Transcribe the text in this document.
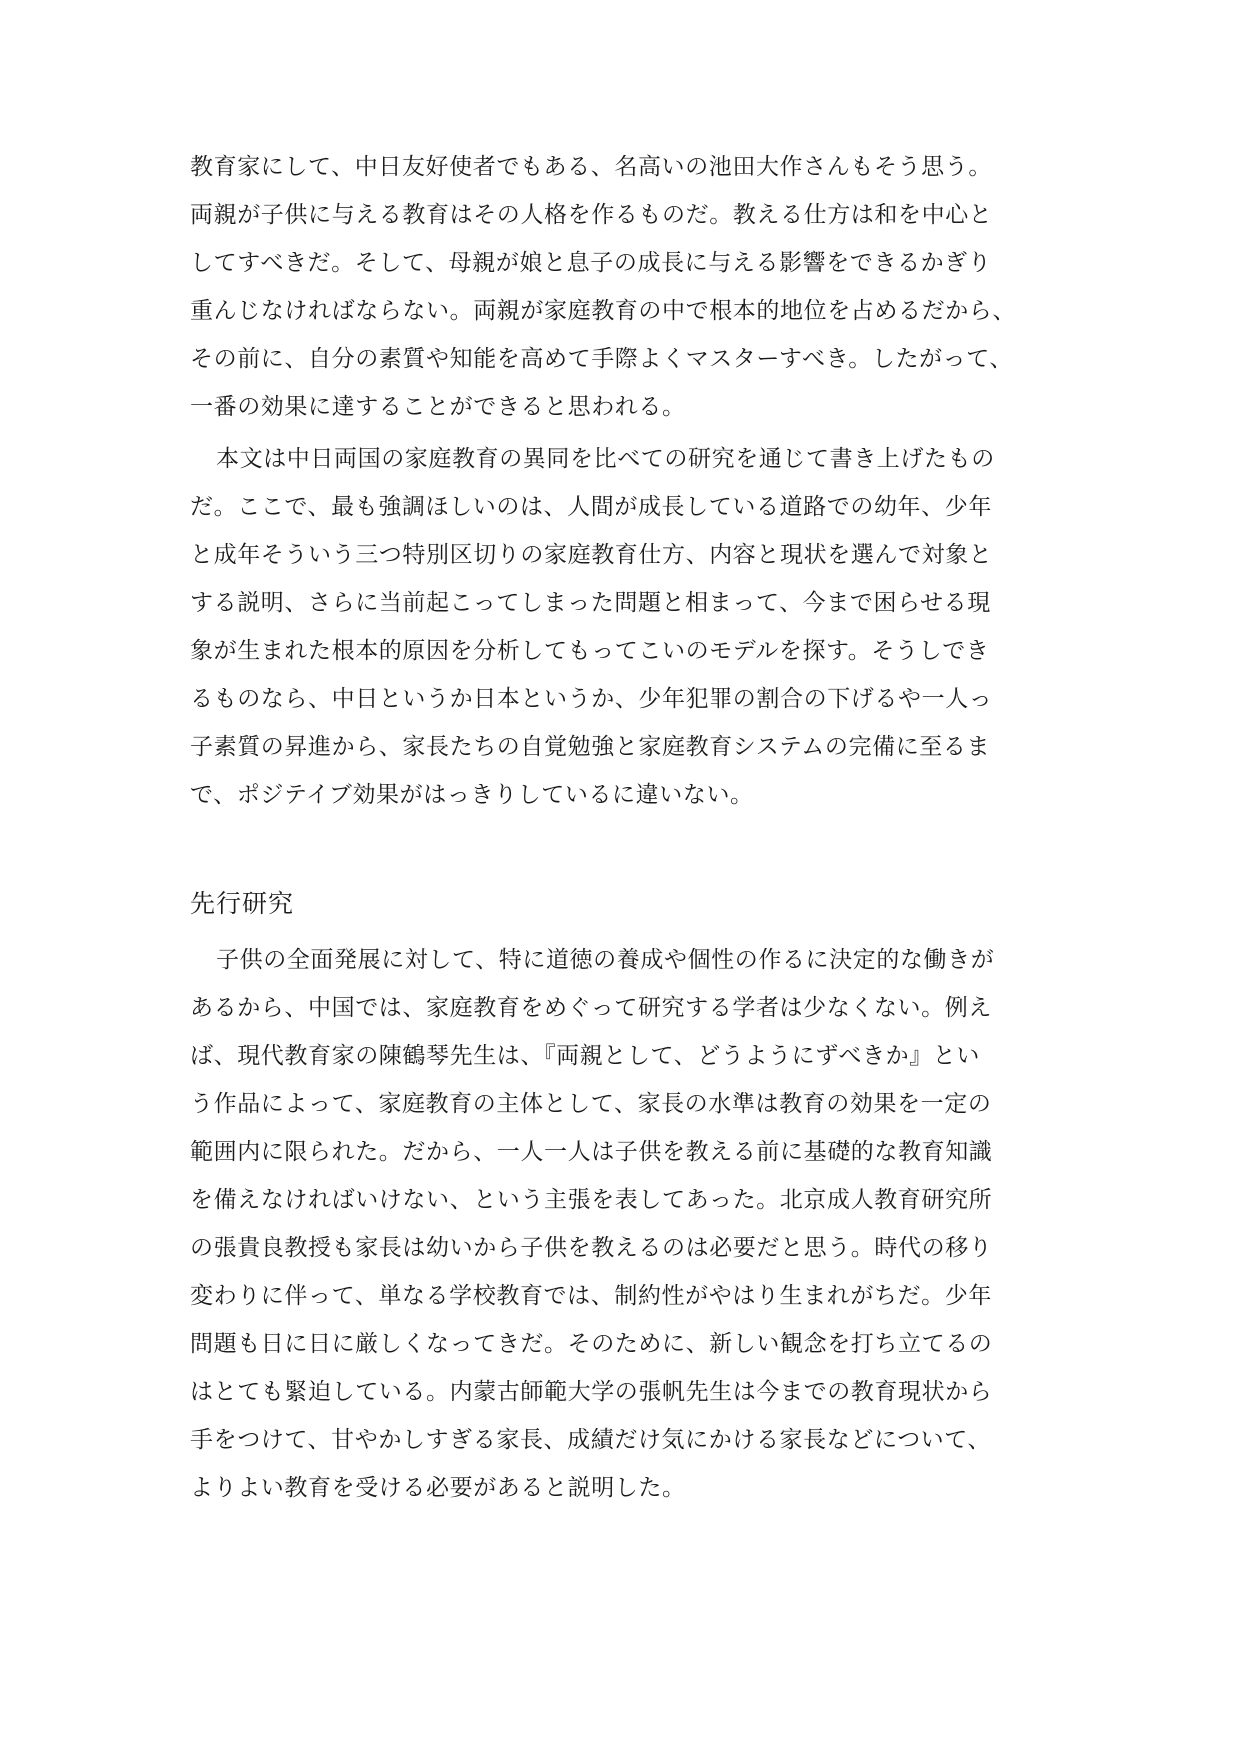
教育家にして、中日友好使者でもある、名高いの池田大作さんもそう思う。
両親が子供に与える教育はその人格を作るものだ。教える仕方は和を中心と
してすべきだ。そして、母親が娘と息子の成長に与える影響をできるかぎり
重んじなければならない。両親が家庭教育の中で根本的地位を占めるだから、
その前に、自分の素質や知能を高めて手際よくマスターすべき。したがって、
一番の効果に達することができると思われる。
本文は中日両国の家庭教育の異同を比べての研究を通じて書き上げたもの
だ。ここで、最も強調ほしいのは、人間が成長している道路での幼年、少年
と成年そういう三つ特別区切りの家庭教育仕方、内容と現状を選んで対象と
する説明、さらに当前起こってしまった問題と相まって、今まで困らせる現
象が生まれた根本的原因を分析してもってこいのモデルを探す。そうしでき
るものなら、中日というか日本というか、少年犯罪の割合の下げるや一人っ
子素質の昇進から、家長たちの自覚勉強と家庭教育システムの完備に至るま
で、ポジテイブ効果がはっきりしているに違いない。
先行研究
子供の全面発展に対して、特に道徳の養成や個性の作るに決定的な働きが
あるから、中国では、家庭教育をめぐって研究する学者は少なくない。例え
ば、現代教育家の陳鶴琴先生は、『両親として、どうようにずべきか』とい
う作品によって、家庭教育の主体として、家長の水準は教育の効果を一定の
範囲内に限られた。だから、一人一人は子供を教える前に基礎的な教育知識
を備えなければいけない、という主張を表してあった。北京成人教育研究所
の張貴良教授も家長は幼いから子供を教えるのは必要だと思う。時代の移り
変わりに伴って、単なる学校教育では、制約性がやはり生まれがちだ。少年
問題も日に日に厳しくなってきだ。そのために、新しい観念を打ち立てるの
はとても緊迫している。内蒙古師範大学の張帆先生は今までの教育現状から
手をつけて、甘やかしすぎる家長、成績だけ気にかける家長などについて、
よりよい教育を受ける必要があると説明した。
